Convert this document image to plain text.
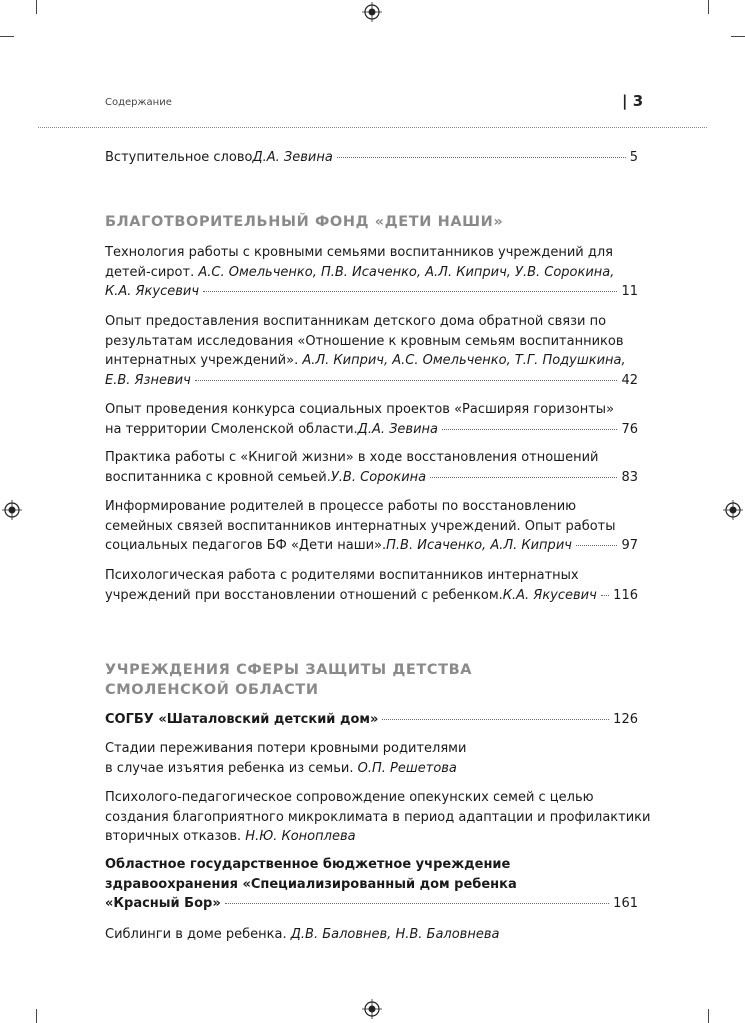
Содержание	| 3
Вступительное слово Д.А. Зевина	5
БЛАГОТВОРИТЕЛЬНЫЙ ФОНД «ДЕТИ НАШИ»
Технология работы с кровными семьями воспитанников учреждений для
детей-сирот. А.С. Омельченко, П.В. Исаченко, А.Л. Киприч, У.В. Сорокина,
К.А. Якусевич	11
Опыт предоставления воспитанникам детского дома обратной связи по
результатам исследования «Отношение к кровным семьям воспитанников
интернатных учреждений». А.Л. Киприч, А.С. Омельченко, Т.Г. Подушкина,
Е.В. Язневич	42
Опыт проведения конкурса социальных проектов «Расширяя горизонты»
на территории Смоленской области. Д.А. Зевина	76
Практика работы с «Книгой жизни» в ходе восстановления отношений
воспитанника с кровной семьей. У.В. Сорокина	83
Информирование родителей в процессе работы по восстановлению
семейных связей воспитанников интернатных учреждений. Опыт работы
социальных педагогов БФ «Дети наши». П.В. Исаченко, А.Л. Киприч	97
Психологическая работа с родителями воспитанников интернатных
учреждений при восстановлении отношений с ребенком. К.А. Якусевич 116
УЧРЕЖДЕНИЯ СФЕРЫ ЗАЩИТЫ ДЕТСТВА
СМОЛЕНСКОЙ ОБЛАСТИ
СОГБУ «Шаталовский детский дом»	126
Стадии переживания потери кровными родителями
в случае изъятия ребенка из семьи. О.П. Решетова
Психолого-педагогическое сопровождение опекунских семей с целью
создания благоприятного микроклимата в период адаптации и профилактики
вторичных отказов. Н.Ю. Коноплева
Областное государственное бюджетное учреждение
здравоохранения «Специализированный дом ребенка
«Красный Бор»	161
Сиблинги в доме ребенка. Д.В. Баловнев, Н.В. Баловнева
